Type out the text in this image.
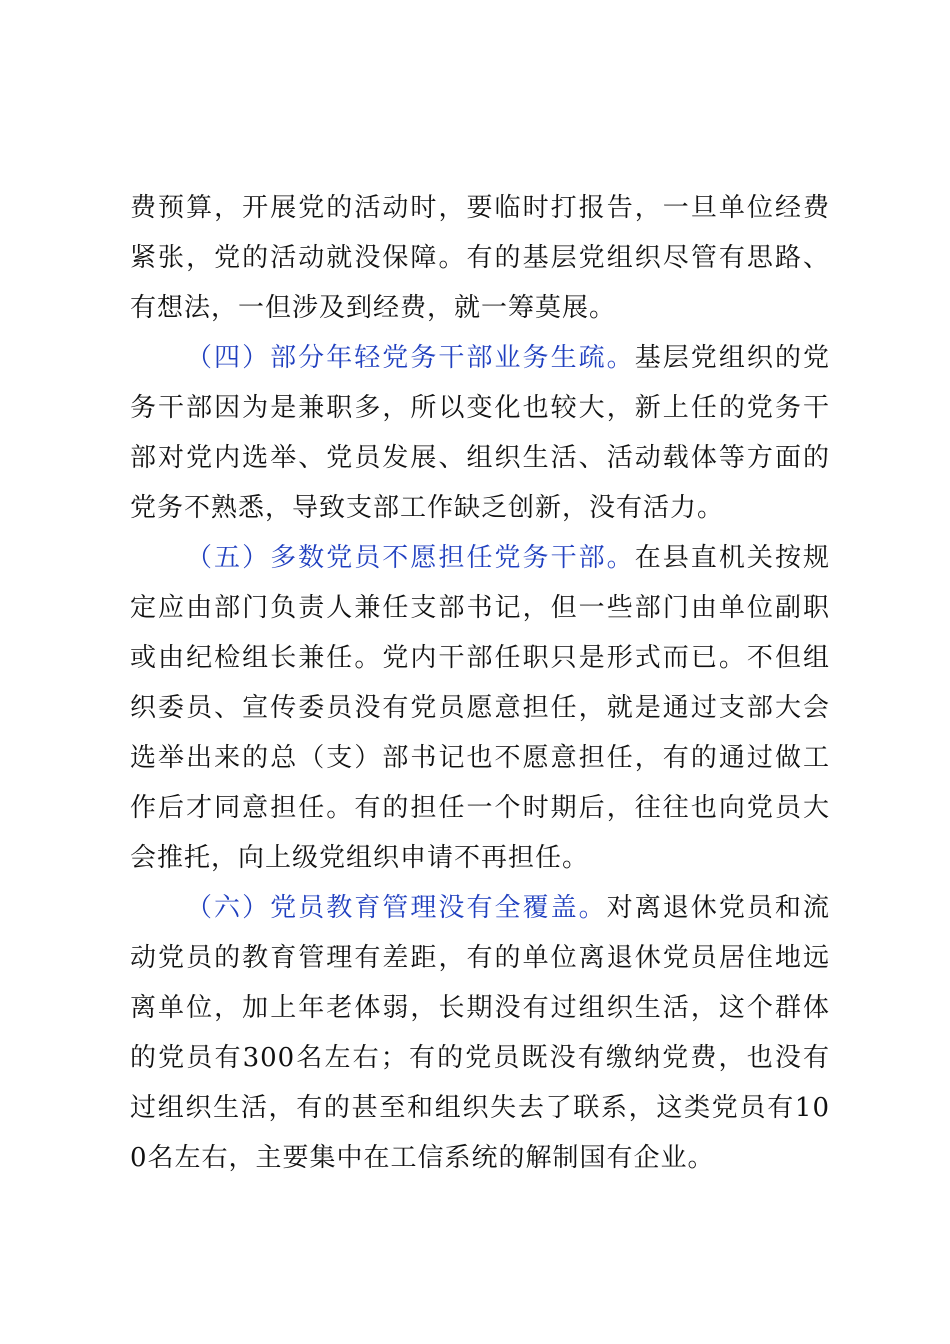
费预算，开展党的活动时，要临时打报告，一旦单位经费紧张，党的活动就没保障。有的基层党组织尽管有思路、有想法，一但涉及到经费，就一筹莫展。

（四）部分年轻党务干部业务生疏。基层党组织的党务干部因为是兼职多，所以变化也较大，新上任的党务干部对党内选举、党员发展、组织生活、活动载体等方面的党务不熟悉，导致支部工作缺乏创新，没有活力。

（五）多数党员不愿担任党务干部。在县直机关按规定应由部门负责人兼任支部书记，但一些部门由单位副职或由纪检组长兼任。党内干部任职只是形式而已。不但组织委员、宣传委员没有党员愿意担任，就是通过支部大会选举出来的总（支）部书记也不愿意担任，有的通过做工作后才同意担任。有的担任一个时期后，往往也向党员大会推托，向上级党组织申请不再担任。

（六）党员教育管理没有全覆盖。对离退休党员和流动党员的教育管理有差距，有的单位离退休党员居住地远离单位，加上年老体弱，长期没有过组织生活，这个群体的党员有300名左右；有的党员既没有缴纳党费，也没有过组织生活，有的甚至和组织失去了联系，这类党员有100名左右，主要集中在工信系统的解制国有企业。
